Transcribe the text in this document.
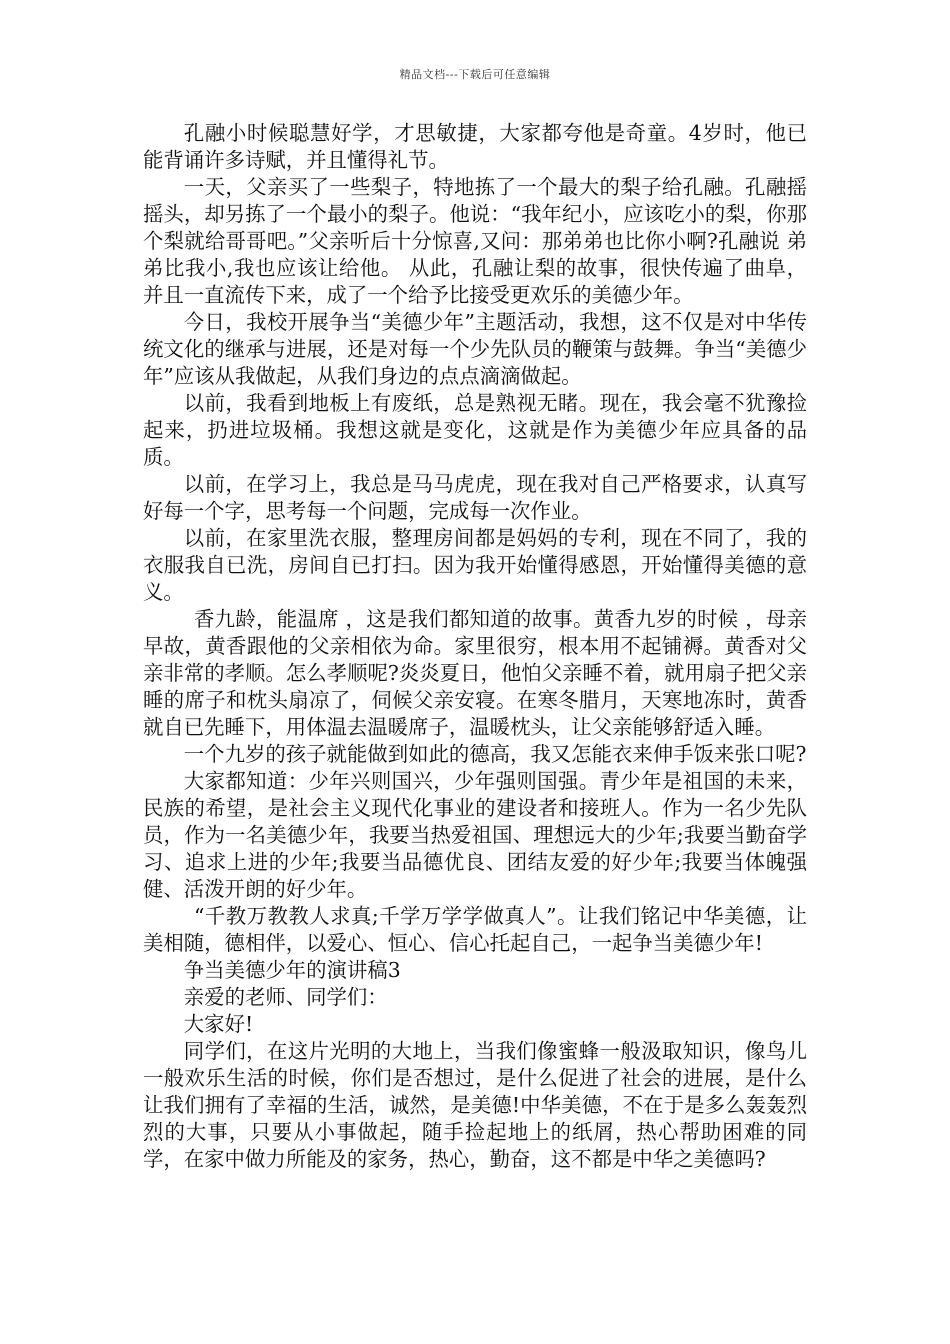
精品文档---下载后可任意编辑

孔融小时候聪慧好学，才思敏捷，大家都夸他是奇童。4岁时，他已能背诵许多诗赋，并且懂得礼节。

一天，父亲买了一些梨子，特地拣了一个最大的梨子给孔融。孔融摇摇头，却另拣了一个最小的梨子。他说：“我年纪小，应该吃小的梨，你那个梨就给哥哥吧。”父亲听后十分惊喜,又问：那弟弟也比你小啊?孔融说 弟弟比我小,我也应该让给他。 从此，孔融让梨的故事，很快传遍了曲阜，并且一直流传下来，成了一个给予比接受更欢乐的美德少年。

今日，我校开展争当“美德少年”主题活动，我想，这不仅是对中华传统文化的继承与进展，还是对每一个少先队员的鞭策与鼓舞。争当“美德少年”应该从我做起，从我们身边的点点滴滴做起。

以前，我看到地板上有废纸，总是熟视无睹。现在，我会毫不犹豫捡起来，扔进垃圾桶。我想这就是变化，这就是作为美德少年应具备的品质。

以前，在学习上，我总是马马虎虎，现在我对自己严格要求，认真写好每一个字，思考每一个问题，完成每一次作业。

以前，在家里洗衣服，整理房间都是妈妈的专利，现在不同了，我的衣服我自已洗，房间自已打扫。因为我开始懂得感恩，开始懂得美德的意义。

香九龄，能温席 ，这是我们都知道的故事。黄香九岁的时候 ，母亲早故，黄香跟他的父亲相依为命。家里很穷，根本用不起铺褥。黄香对父亲非常的孝顺。怎么孝顺呢?炎炎夏日，他怕父亲睡不着，就用扇子把父亲睡的席子和枕头扇凉了，伺候父亲安寝。在寒冬腊月，天寒地冻时，黄香就自已先睡下，用体温去温暖席子，温暖枕头，让父亲能够舒适入睡。

一个九岁的孩子就能做到如此的德高，我又怎能衣来伸手饭来张口呢?

大家都知道：少年兴则国兴，少年强则国强。青少年是祖国的未来，民族的希望，是社会主义现代化事业的建设者和接班人。作为一名少先队员，作为一名美德少年，我要当热爱祖国、理想远大的少年;我要当勤奋学习、追求上进的少年;我要当品德优良、团结友爱的好少年;我要当体魄强健、活泼开朗的好少年。

“千教万教教人求真;千学万学学做真人”。让我们铭记中华美德，让美相随，德相伴，以爱心、恒心、信心托起自己，一起争当美德少年!

争当美德少年的演讲稿3

亲爱的老师、同学们：

大家好!

同学们，在这片光明的大地上，当我们像蜜蜂一般汲取知识，像鸟儿一般欢乐生活的时候，你们是否想过，是什么促进了社会的进展，是什么让我们拥有了幸福的生活，诚然，是美德!中华美德，不在于是多么轰轰烈烈的大事，只要从小事做起，随手捡起地上的纸屑，热心帮助困难的同学，在家中做力所能及的家务，热心，勤奋，这不都是中华之美德吗?
